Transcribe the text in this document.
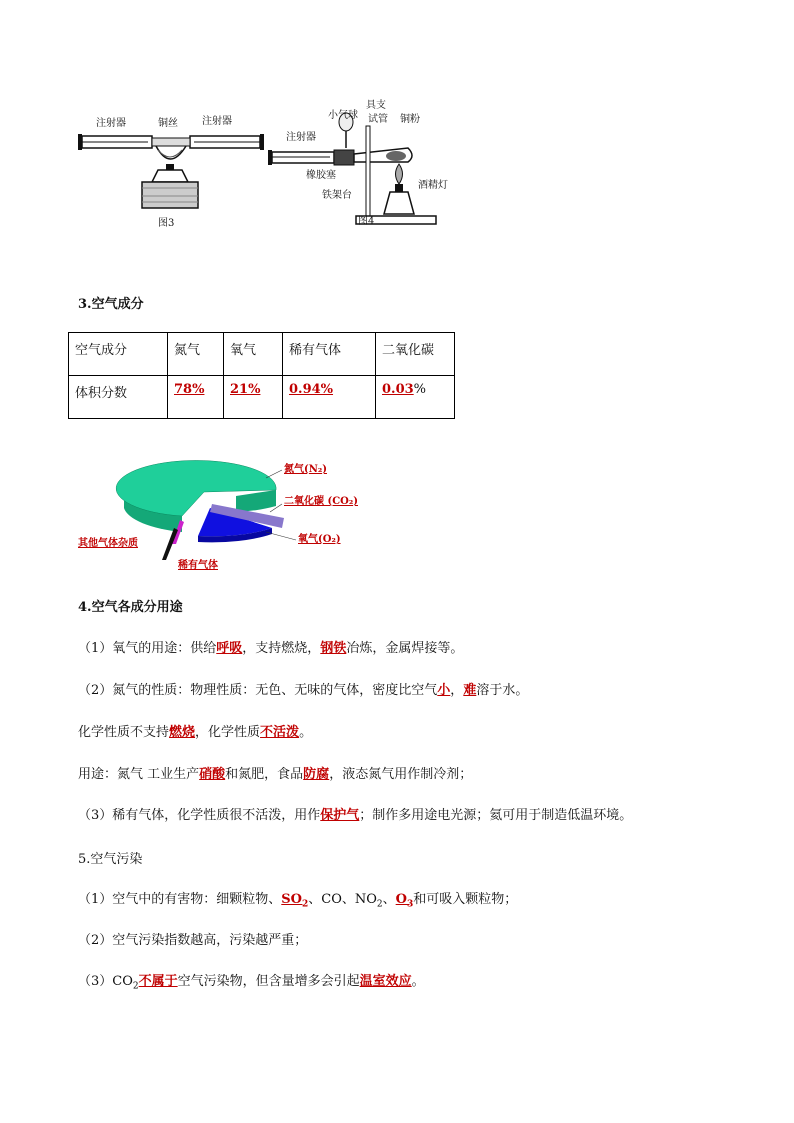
注射器	铜丝 注射器
图3
具支
小气球 试管 铜粉
注射器
橡胶塞
铁架台
酒精灯
图4
3.空气成分
空气成分	氮气	氧气	稀有气体	二氧化碳
体积分数	78%	21%	0.94%	0.03%
氮气(N₂)
二氧化碳 (CO₂)
氧气(O₂)
其他气体杂质
稀有气体
4.空气各成分用途
（1）氧气的用途：供给呼吸，支持燃烧，钢铁冶炼，金属焊接等。
（2）氮气的性质：物理性质：无色、无味的气体，密度比空气小，难溶于水。
化学性质不支持燃烧，化学性质不活泼。
用途：氮气 工业生产硝酸和氮肥，食品防腐，液态氮气用作制冷剂；
（3）稀有气体，化学性质很不活泼，用作保护气；制作多用途电光源；氦可用于制造低温环境。
5.空气污染
（1）空气中的有害物：细颗粒物、$SO_2$、CO、$NO_2$、$O_3$和可吸入颗粒物；
（2）空气污染指数越高，污染越严重；
$(3)CO_2$不属于空气污染物，但含量增多会引起温室效应。
